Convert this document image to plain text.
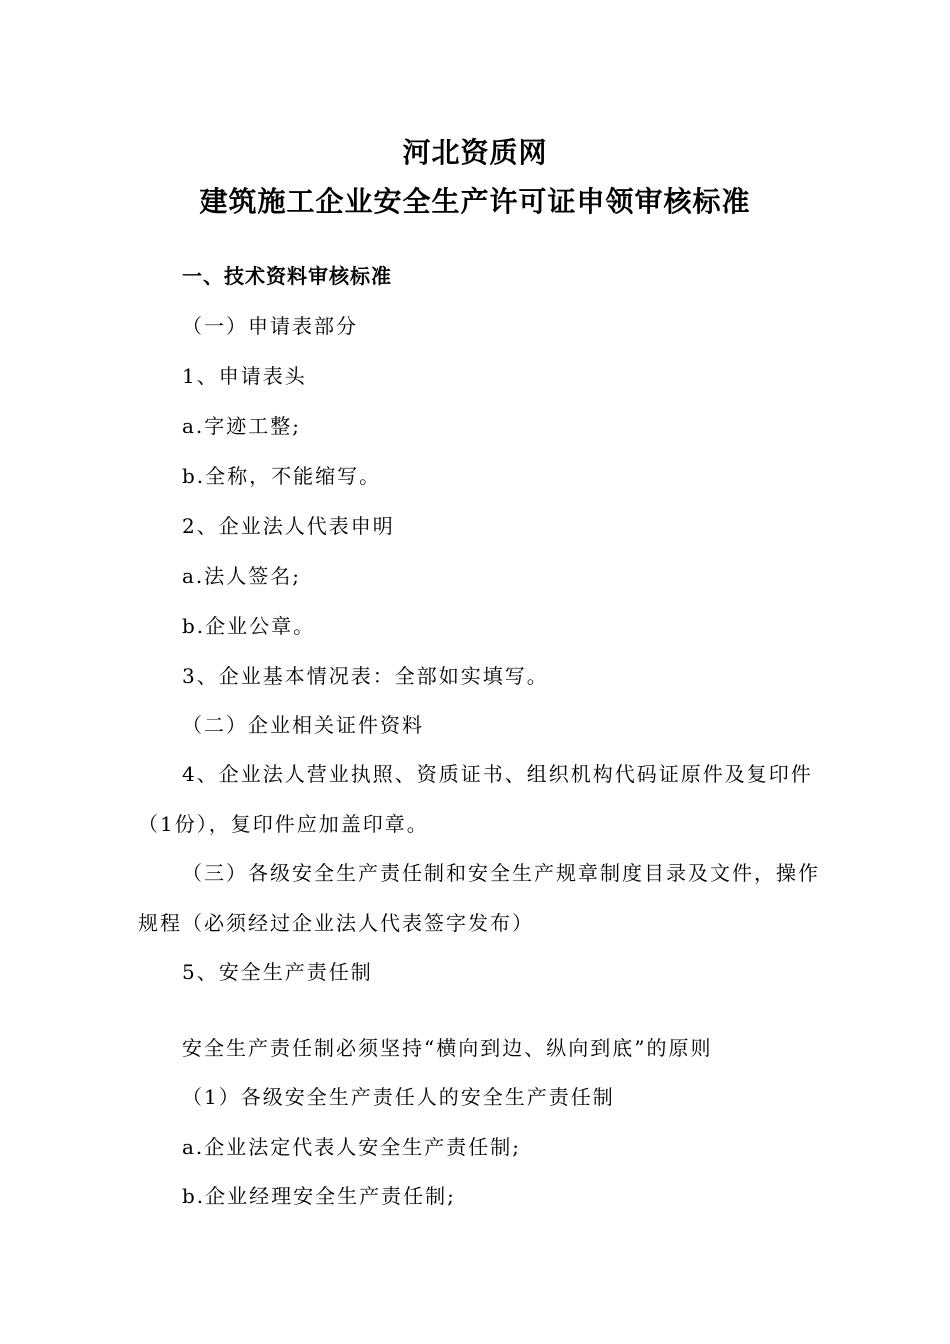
河北资质网
建筑施工企业安全生产许可证申领审核标准
一、技术资料审核标准
（一）申请表部分
1、申请表头
a.字迹工整;
b.全称，不能缩写。
2、企业法人代表申明
a.法人签名;
b.企业公章。
3、企业基本情况表：全部如实填写。
（二）企业相关证件资料
4、企业法人营业执照、资质证书、组织机构代码证原件及复印件
（1份），复印件应加盖印章。
（三）各级安全生产责任制和安全生产规章制度目录及文件，操作
规程（必须经过企业法人代表签字发布）
5、安全生产责任制
安全生产责任制必须坚持“横向到边、纵向到底”的原则
（1）各级安全生产责任人的安全生产责任制
a.企业法定代表人安全生产责任制;
b.企业经理安全生产责任制;
